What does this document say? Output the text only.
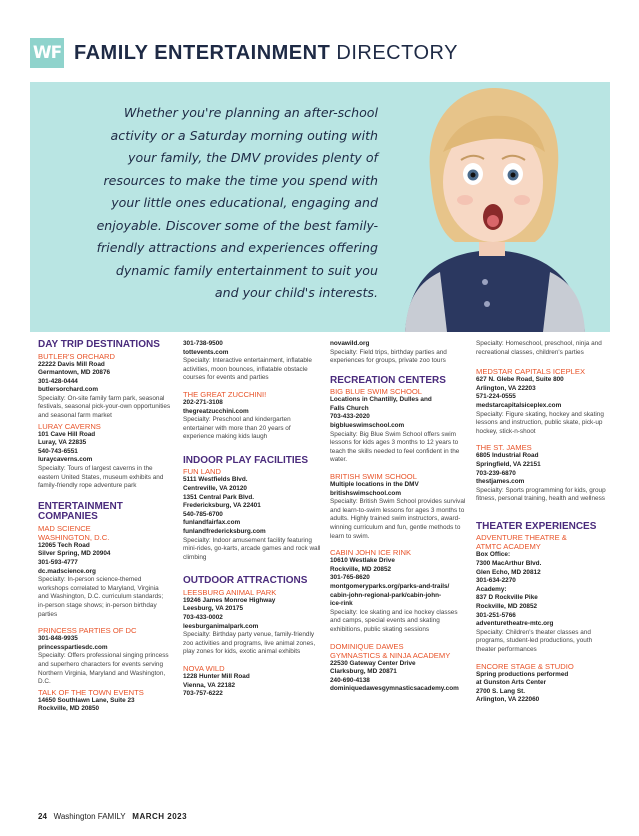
WF FAMILY ENTERTAINMENT DIRECTORY
Whether you're planning an after-school
activity or a Saturday morning outing with
your family, the DMV provides plenty of
resources to make the time you spend with
your little ones educational, engaging and
enjoyable. Discover some of the best family-
friendly attractions and experiences offering
dynamic family entertainment to suit you
and your child's interests.
DAY TRIP DESTINATIONS
BUTLER'S ORCHARD
22222 Davis Mill Road
Germantown, MD 20876
301-428-0444
butlersorchard.com
Specialty: On-site family farm park, seasonal festivals, seasonal pick-your-own opportunities and seasonal farm market
LURAY CAVERNS
101 Cave Hill Road
Luray, VA 22835
540-743-6551
luraycaverns.com
Specialty: Tours of largest caverns in the eastern United States, museum exhibits and family-friendly rope adventure park
ENTERTAINMENT
COMPANIES
MAD SCIENCE
WASHINGTON, D.C.
12065 Tech Road
Silver Spring, MD 20904
301-593-4777
dc.madscience.org
Specialty: In-person science-themed workshops correlated to Maryland, Virginia and Washington, D.C. curriculum standards; in-person stage shows; in-person birthday parties
PRINCESS PARTIES OF DC
301-848-9935
princesspartiesdc.com
Specialty: Offers professional singing princess and superhero characters for events serving Northern Virginia, Maryland and Washington, D.C.
TALK OF THE TOWN EVENTS
14650 Southlawn Lane, Suite 23
Rockville, MD 20850
301-738-9500
tottevents.com
Specialty: Interactive entertainment, inflatable activities, moon bounces, inflatable obstacle courses for events and parties
THE GREAT ZUCCHINI!
202-271-3108
thegreatzucchini.com
Specialty: Preschool and kindergarten entertainer with more than 20 years of experience making kids laugh
INDOOR PLAY FACILITIES
FUN LAND
5111 Westfields Blvd.
Centreville, VA 20120
1351 Central Park Blvd.
Fredericksburg, VA 22401
540-785-6700
funlandfairfax.com
funlandfredericksburg.com
Specialty: Indoor amusement facility featuring mini-rides, go-karts, arcade games and rock wall climbing
OUTDOOR ATTRACTIONS
LEESBURG ANIMAL PARK
19246 James Monroe Highway
Leesburg, VA 20175
703-433-0002
leesburganimalpark.com
Specialty: Birthday party venue, family-friendly zoo activities and programs, live animal zones, play zones for kids, exotic animal exhibits
NOVA WILD
1228 Hunter Mill Road
Vienna, VA 22182
703-757-6222
novawild.org
Specialty: Field trips, birthday parties and experiences for groups, private zoo tours
RECREATION CENTERS
BIG BLUE SWIM SCHOOL
Locations in Chantilly, Dulles and
Falls Church
703-433-2020
bigblueswimschool.com
Specialty: Big Blue Swim School offers swim lessons for kids ages 3 months to 12 years to teach the skills needed to feel confident in the water.
BRITISH SWIM SCHOOL
Multiple locations in the DMV
britishswimschool.com
Specialty: British Swim School provides survival and learn-to-swim lessons for ages 3 months to adults. Highly trained swim instructors, award-winning curriculum and fun, gentle methods to learn to swim.
CABIN JOHN ICE RINK
10610 Westlake Drive
Rockville, MD 20852
301-765-8620
montgomeryparks.org/parks-and-trails/
cabin-john-regional-park/cabin-john-
ice-rink
Specialty: Ice skating and ice hockey classes and camps, special events and skating exhibitions, public skating sessions
DOMINIQUE DAWES
GYMNASTICS & NINJA ACADEMY
22530 Gateway Center Drive
Clarksburg, MD 20871
240-690-4138
dominiquedawesgymnasticsacademy.com
Specialty: Homeschool, preschool, ninja and recreational classes, children's parties
MEDSTAR CAPITALS ICEPLEX
627 N. Glebe Road, Suite 800
Arlington, VA 22203
571-224-0555
medstarcapitalsiceplex.com
Specialty: Figure skating, hockey and skating lessons and instruction, public skate, pick-up hockey, stick-n-shoot
THE ST. JAMES
6805 Industrial Road
Springfield, VA 22151
703-239-6870
thestjames.com
Specialty: Sports programming for kids, group fitness, personal training, health and wellness
THEATER EXPERIENCES
ADVENTURE THEATRE &
ATMTC ACADEMY
Box Office:
7300 MacArthur Blvd.
Glen Echo, MD 20812
301-634-2270
Academy:
837 D Rockville Pike
Rockville, MD 20852
301-251-5766
adventuretheatre-mtc.org
Specialty: Children's theater classes and programs, student-led productions, youth theater performances
ENCORE STAGE & STUDIO
Spring productions performed
at Gunston Arts Center
2700 S. Lang St.
Arlington, VA 222060
24 Washington FAMILY MARCH 2023
